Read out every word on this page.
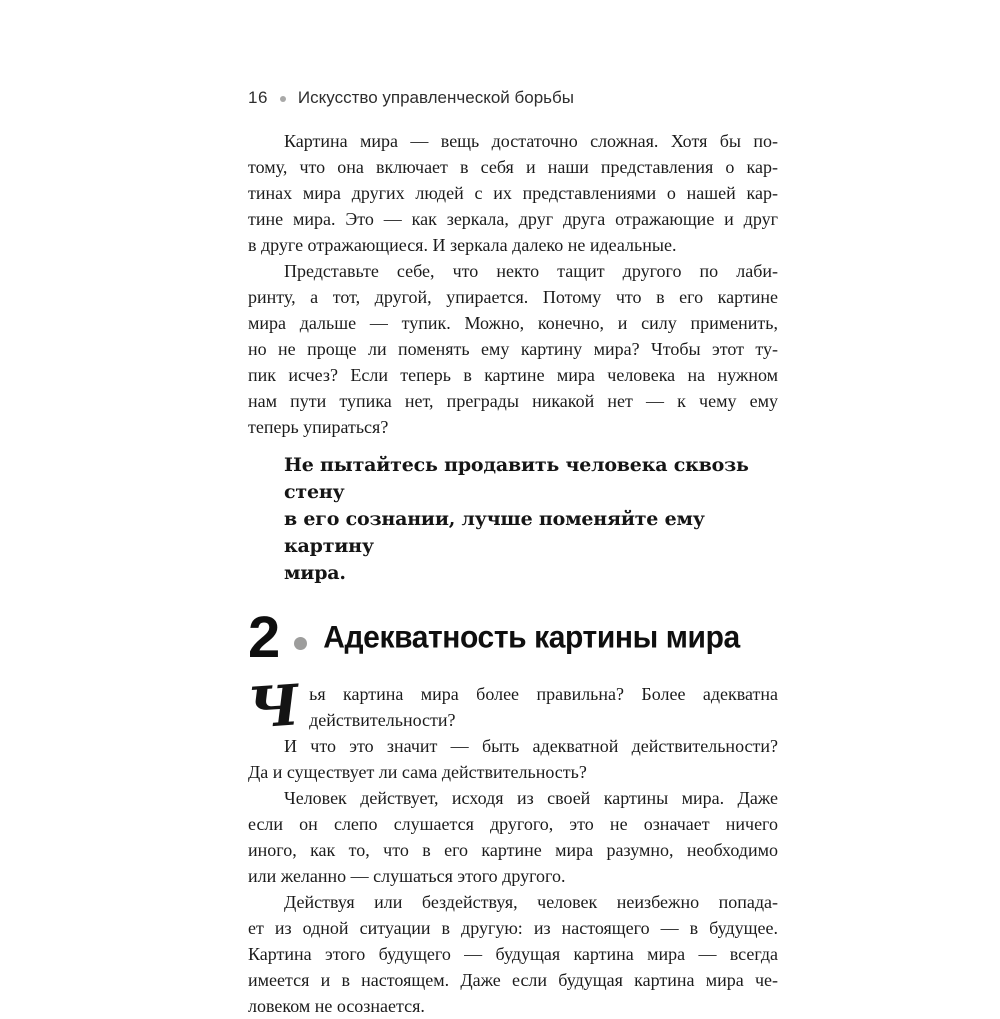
16 Искусство управленческой борьбы
Картина мира — вещь достаточно сложная. Хотя бы по-
тому, что она включает в себя и наши представления о кар-
тинах мира других людей с их представлениями о нашей кар-
тине мира. Это — как зеркала, друг друга отражающие и друг
в друге отражающиеся. И зеркала далеко не идеальные.
Представьте себе, что некто тащит другого по лаби-
ринту, а тот, другой, упирается. Потому что в его картине
мира дальше — тупик. Можно, конечно, и силу применить,
но не проще ли поменять ему картину мира? Чтобы этот ту-
пик исчез? Если теперь в картине мира человека на нужном
нам пути тупика нет, преграды никакой нет — к чему ему
теперь упираться?
Не пытайтесь продавить человека сквозь стену
в его сознании, лучше поменяйте ему картину
мира.
2 Адекватность картины мира
Ч ья картина мира более правильна? Более адекватна
действительности?
И что это значит — быть адекватной действительности?
Да и существует ли сама действительность?
Человек действует, исходя из своей картины мира. Даже
если он слепо слушается другого, это не означает ничего
иного, как то, что в его картине мира разумно, необходимо
или желанно — слушаться этого другого.
Действуя или бездействуя, человек неизбежно попада-
ет из одной ситуации в другую: из настоящего — в будущее.
Картина этого будущего — будущая картина мира — всегда
имеется и в настоящем. Даже если будущая картина мира че-
ловеком не осознается.
